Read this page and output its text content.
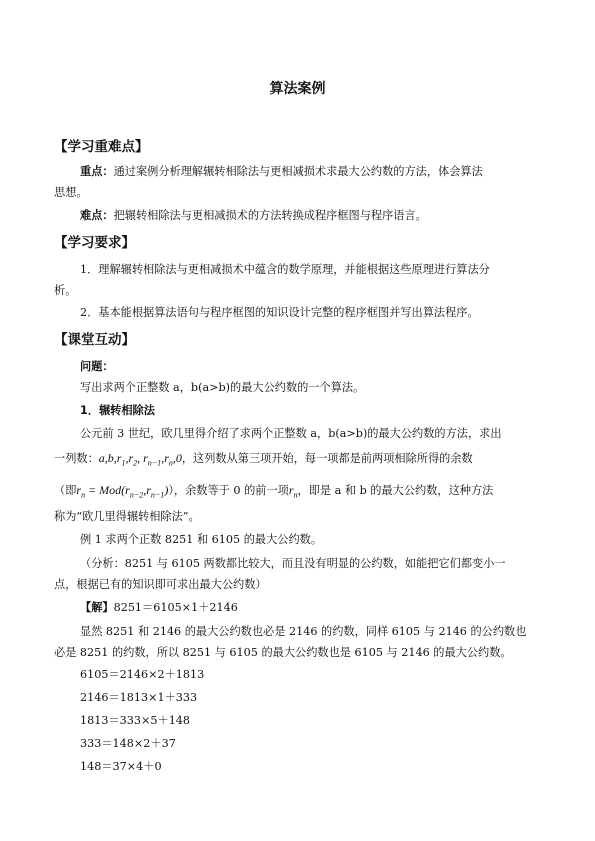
算法案例
【学习重难点】
重点：通过案例分析理解辗转相除法与更相减损术求最大公约数的方法，体会算法
思想。
难点：把辗转相除法与更相减损术的方法转换成程序框图与程序语言。
【学习要求】
1．理解辗转相除法与更相减损术中蕴含的数学原理，并能根据这些原理进行算法分
析。
2．基本能根据算法语句与程序框图的知识设计完整的程序框图并写出算法程序。
【课堂互动】
问题：
写出求两个正整数 a，b(a>b)的最大公约数的一个算法。
1．辗转相除法
公元前 3 世纪，欧几里得介绍了求两个正整数 a，b(a>b)的最大公约数的方法，求出
一列数：$a,b,r_1,r_2$, $r_{n-1},r_n,0$，这列数从第三项开始，每一项都是前两项相除所得的余数
（即$r_n = Mod(r_{n-2},r_{n-1})$），余数等于 0 的前一项$r_n$，即是 a 和 b 的最大公约数，这种方法
称为“欧几里得辗转相除法”。
例 1 求两个正数 8251 和 6105 的最大公约数。
（分析：8251 与 6105 两数都比较大，而且没有明显的公约数，如能把它们都变小一
点，根据已有的知识即可求出最大公约数）
【解】8251＝6105×1＋2146
显然 8251 和 2146 的最大公约数也必是 2146 的约数，同样 6105 与 2146 的公约数也
必是 8251 的约数，所以 8251 与 6105 的最大公约数也是 6105 与 2146 的最大公约数。
6105＝2146×2＋1813
2146＝1813×1＋333
1813＝333×5＋148
333＝148×2＋37
148＝37×4＋0
